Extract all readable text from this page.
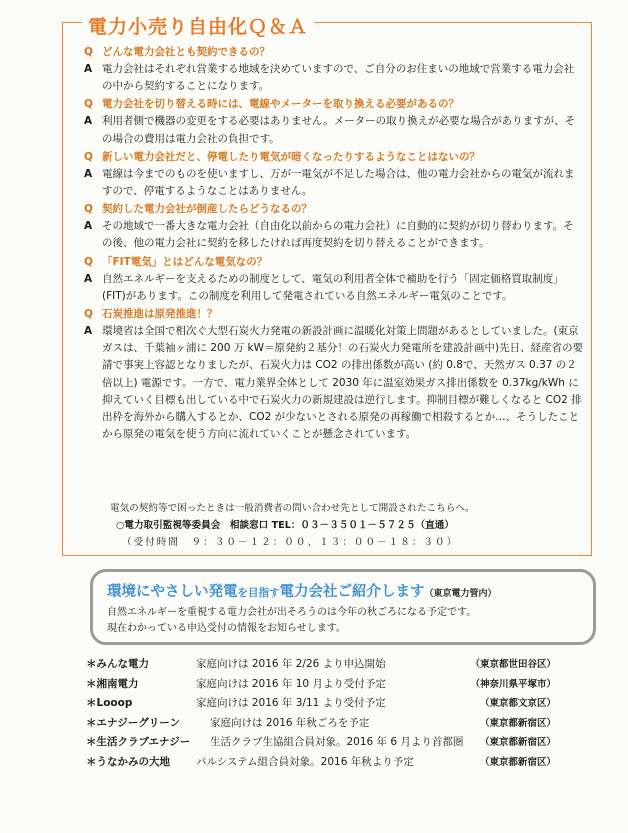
電力小売り自由化Ｑ＆Ａ
Q どんな電力会社とも契約できるの？
A 電力会社はそれぞれ営業する地域を決めていますので、ご自分のお住まいの地域で営業する電力会社の中から契約することになります。
Q 電力会社を切り替える時には、電線やメーターを取り換える必要があるの？
A 利用者側で機器の変更をする必要はありません。メーターの取り換えが必要な場合がありますが、その場合の費用は電力会社の負担です。
Q 新しい電力会社だと、停電したり電気が暗くなったりするようなことはないの？
A 電線は今までのものを使いますし、万が一電気が不足した場合は、他の電力会社からの電気が流れますので、停電するようなことはありません。
Q 契約した電力会社が倒産したらどうなるの？
A その地域で一番大きな電力会社（自由化以前からの電力会社）に自動的に契約が切り替わります。その後、他の電力会社に契約を移したければ再度契約を切り替えることができます。
Q 「FIT電気」とはどんな電気なの？
A 自然エネルギーを支えるための制度として、電気の利用者全体で補助を行う「固定価格買取制度」(FIT)があります。この制度を利用して発電されている自然エネルギー電気のことです。
Q 石炭推進は原発推進！？
A 環境省は全国で相次ぐ大型石炭火力発電の新設計画に温暖化対策上問題があるとしていました。(東京ガスは、千葉袖ヶ浦に 200 万 kW＝原発約２基分！の石炭火力発電所を建設計画中)先日、経産省の要請で事実上容認となりましたが、石炭火力は CO2 の排出係数が高い (約 0.8で、天然ガス 0.37 の２倍以上) 電源です。一方で、電力業界全体として 2030 年に温室効果ガス排出係数を 0.37kg/kWh に抑えていく目標も出している中で石炭火力の新規建設は逆行します。抑制目標が難しくなると CO2 排出枠を海外から購入するとか、CO2 が少ないとされる原発の再稼働で相殺するとか…、そうしたことから原発の電気を使う方向に流れていくことが懸念されています。
電気の契約等で困ったときは一般消費者の問い合わせ先として開設されたこちらへ。
○電力取引監視等委員会　相談窓口 TEL：０３－３５０１－５７２５（直通）
（受付時間　９：３０－１２：００、１３：００－１８：３０）
環境にやさしい発電を目指す電力会社ご紹介します（東京電力管内）
自然エネルギーを重視する電力会社が出そろうのは今年の秋ごろになる予定です。
現在わかっている申込受付の情報をお知らせします。
＊みんな電力	家庭向けは 2016 年 2/26 より申込開始	（東京都世田谷区）
＊湘南電力	家庭向けは 2016 年 10 月より受付予定	（神奈川県平塚市）
＊Looop	家庭向けは 2016 年 3/11 より受付予定	（東京都文京区）
＊エナジーグリーン	家庭向けは 2016 年秋ごろを予定	（東京都新宿区）
＊生活クラブエナジー 生活クラブ生協組合員対象。2016 年 6 月より首都圏 （東京都新宿区）
＊うなかみの大地 パルシステム組合員対象。2016 年秋より予定	（東京都新宿区）
